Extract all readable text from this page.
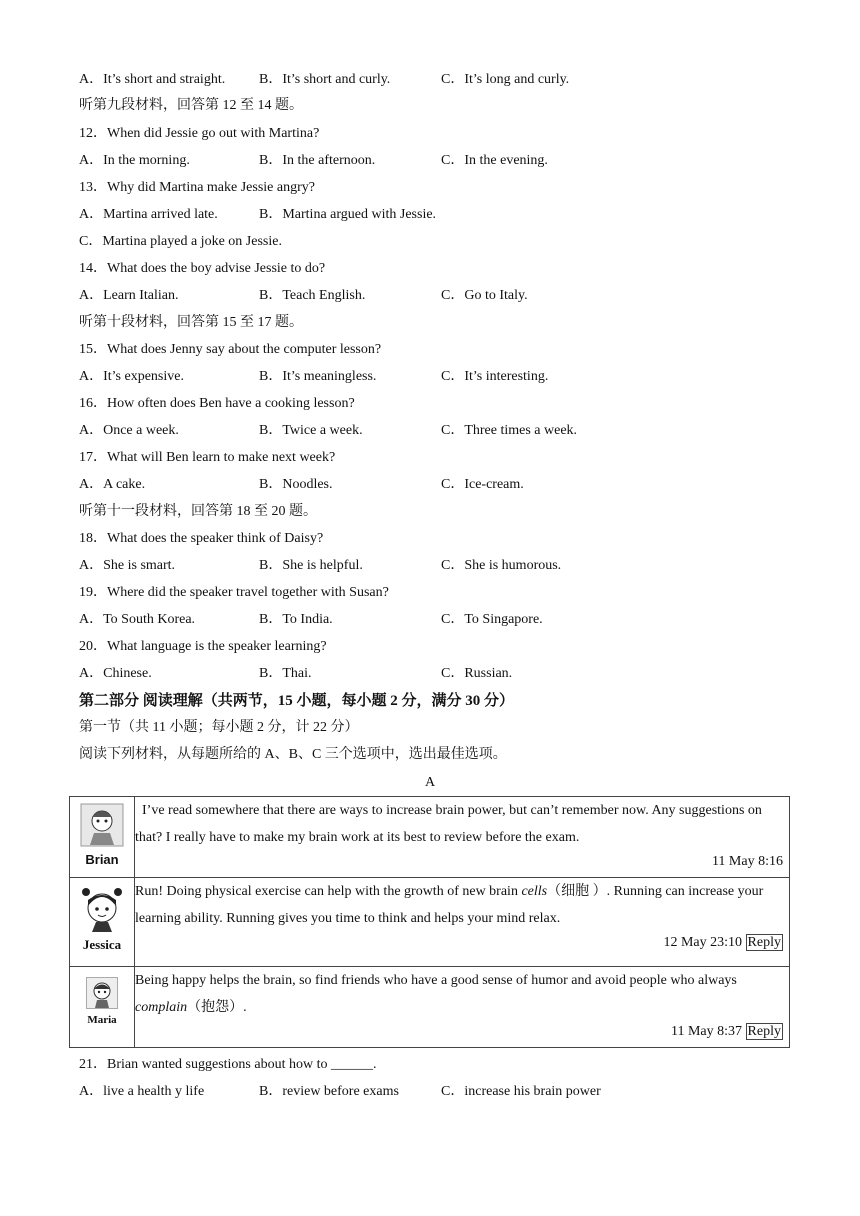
A．It’s short and straight. B．It’s short and curly.	C．It’s long and curly.
听第九段材料，回答第 12 至 14 题。
12．When did Jessie go out with Martina?
A．In the morning.	B．In the afternoon.	C．In the evening.
13．Why did Martina make Jessie angry?
A．Martina arrived late.	B．Martina argued with Jessie.
C．Martina played a joke on Jessie.
14．What does the boy advise Jessie to do?
A．Learn Italian.	B．Teach English.	C．Go to Italy.
听第十段材料，回答第 15 至 17 题。
15．What does Jenny say about the computer lesson?
A．It’s expensive.	B．It’s meaningless.	C．It’s interesting.
16．How often does Ben have a cooking lesson?
A．Once a week.	B．Twice a week.	C．Three times a week.
17．What will Ben learn to make next week?
A．A cake.	B．Noodles.	C．Ice-cream.
听第十一段材料，回答第 18 至 20 题。
18．What does the speaker think of Daisy?
A．She is smart.	B．She is helpful.	C．She is humorous.
19．Where did the speaker travel together with Susan?
A．To South Korea.	B．To India.	C．To Singapore.
20．What language is the speaker learning?
A．Chinese.	B．Thai.	C．Russian.
第二部分 阅读理解（共两节，15 小题，每小题 2 分，满分 30 分）
第一节（共 11 小题；每小题 2 分，计 22 分）
阅读下列材料，从每题所给的 A、B、C 三个选项中，选出最佳选项。
A
Brian	I’ve read somewhere that there are ways to increase brain power, but can’t remember now. Any suggestions on that? I really have to make my brain work at its best to review before the exam.
11 May 8:16

Jessica	Run! Doing physical exercise can help with the growth of new brain cells（细胞 ）. Running can increase your learning ability. Running gives you time to think and helps your mind relax.
12 May 23:10 Reply

Maria	Being happy helps the brain, so find friends who have a good sense of humor and avoid people who always complain（抱怨）.
11 May 8:37 Reply
21．Brian wanted suggestions about how to ______.
A．live a health y life	B．review before exams	C．increase his brain power
